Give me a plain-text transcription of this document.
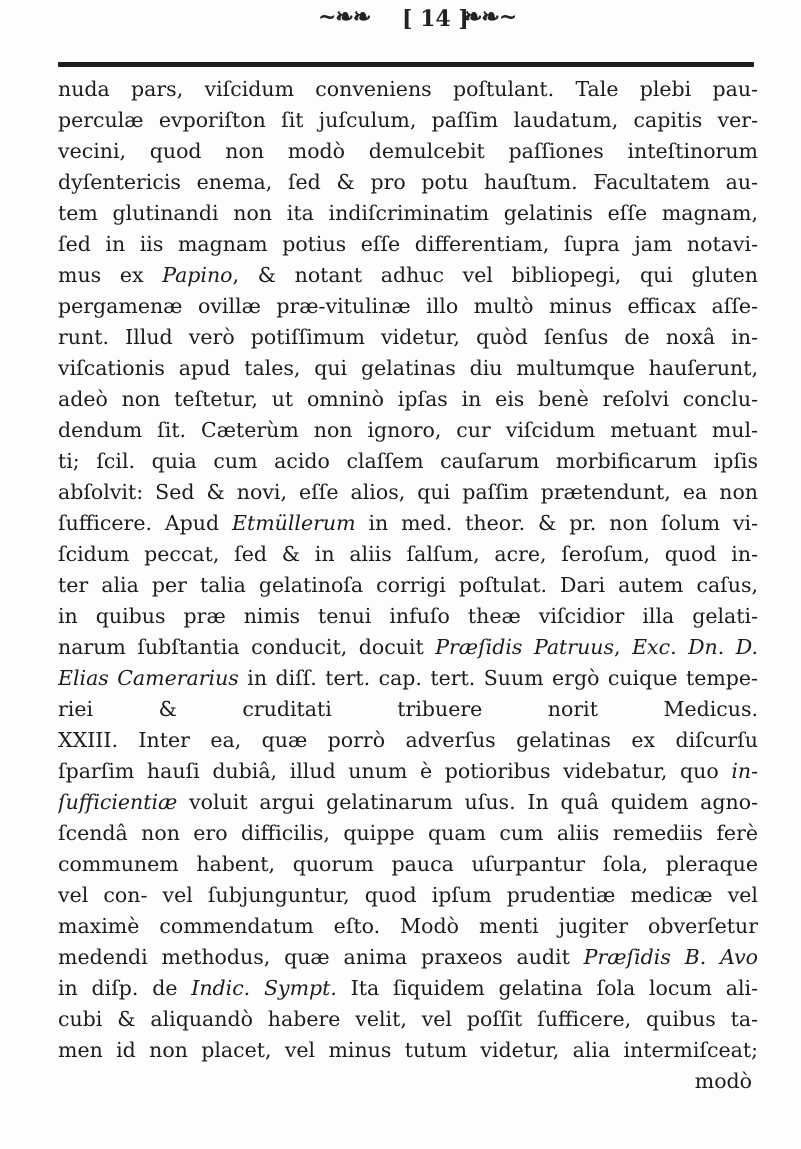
~❧❧ [ 14 ]
❧❧~
nuda pars, viſcidum conveniens poſtulant. Tale plebi pau-
perculæ evporiſton ſit juſculum, paſſim laudatum, capitis ver-
vecini, quod non modò demulcebit paſſiones inteſtinorum
dyſentericis enema, ſed & pro potu hauſtum. Facultatem au-
tem glutinandi non ita indiſcriminatim gelatinis eſſe magnam,
ſed in iis magnam potius eſſe differentiam, ſupra jam notavi-
mus ex Papino, & notant adhuc vel bibliopegi, qui gluten
pergamenæ ovillæ præ-vitulinæ illo multò minus efficax aſſe-
runt. Illud verò potiſſimum videtur, quòd ſenſus de noxâ in-
viſcationis apud tales, qui gelatinas diu multumque hauſerunt,
adeò non teſtetur, ut omninò ipſas in eis benè reſolvi conclu-
dendum ſit. Cæterùm non ignoro, cur viſcidum metuant mul-
ti; ſcil. quia cum acido claſſem cauſarum morbificarum ipſis
abſolvit: Sed & novi, eſſe alios, qui paſſim prætendunt, ea non
ſufficere. Apud Etmüllerum in med. theor. & pr. non ſolum vi-
ſcidum peccat, ſed & in aliis ſalſum, acre, ſeroſum, quod in-
ter alia per talia gelatinoſa corrigi poſtulat. Dari autem caſus,
in quibus præ nimis tenui infuſo theæ viſcidior illa gelati-
narum ſubſtantia conducit, docuit Præſidis Patruus, Exc. Dn. D.
Elias Camerarius in diſſ. tert. cap. tert. Suum ergò cuique tempe-
riei & cruditati tribuere norit Medicus.
XXIII. Inter ea, quæ porrò adverſus gelatinas ex diſcurſu
ſparſim hauſi dubiâ, illud unum è potioribus videbatur, quo in-
ſufficientiæ voluit argui gelatinarum uſus. In quâ quidem agno-
ſcendâ non ero difficilis, quippe quam cum aliis remediis ferè
communem habent, quorum pauca uſurpantur ſola, pleraque
vel con- vel ſubjunguntur, quod ipſum prudentiæ medicæ vel
maximè commendatum eſto. Modò menti jugiter obverſetur
medendi methodus, quæ anima praxeos audit Præſidis B. Avo
in diſp. de Indic. Sympt. Ita ſiquidem gelatina ſola locum ali-
cubi & aliquandò habere velit, vel poſſit ſufficere, quibus ta-
men id non placet, vel minus tutum videtur, alia intermiſceat;
modò
